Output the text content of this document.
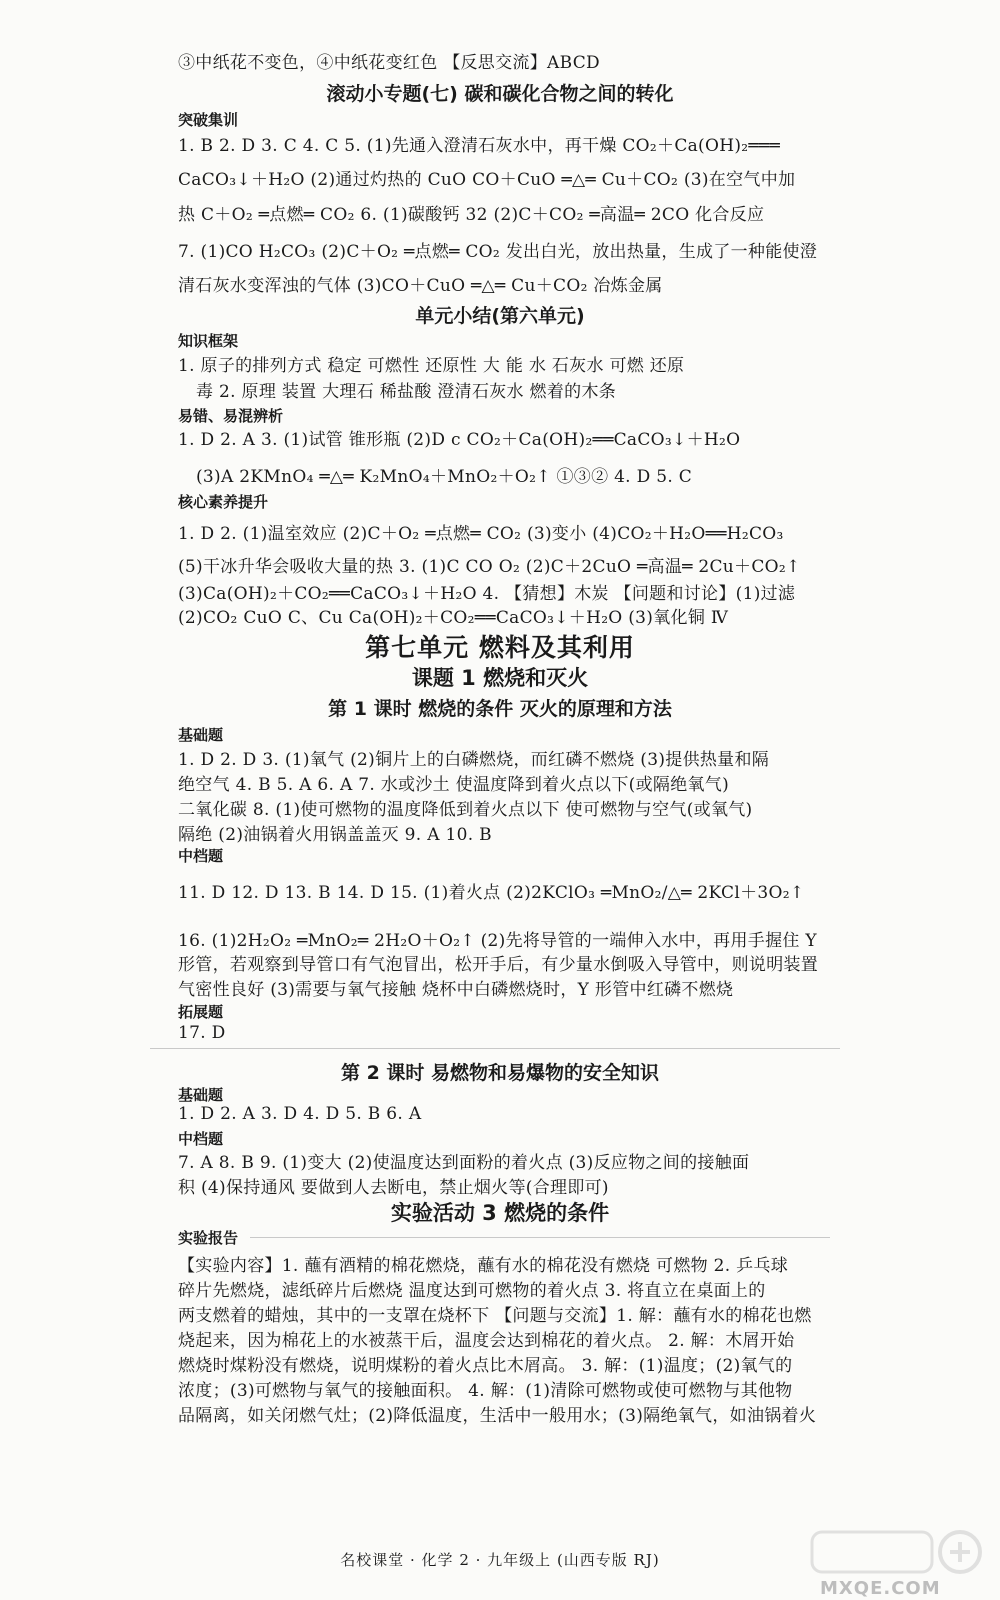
③中纸花不变色，④中纸花变红色 【反思交流】ABCD
滚动小专题(七) 碳和碳化合物之间的转化
突破集训
1. B 2. D 3. C 4. C 5. (1)先通入澄清石灰水中，再干燥 CO₂＋Ca(OH)₂═══
CaCO₃↓＋H₂O (2)通过灼热的 CuO CO＋CuO ═△═ Cu＋CO₂ (3)在空气中加
热 C＋O₂ ═点燃═ CO₂ 6. (1)碳酸钙 32 (2)C＋CO₂ ═高温═ 2CO 化合反应
7. (1)CO H₂CO₃ (2)C＋O₂ ═点燃═ CO₂ 发出白光，放出热量，生成了一种能使澄
清石灰水变浑浊的气体 (3)CO＋CuO ═△═ Cu＋CO₂ 冶炼金属
单元小结(第六单元)
知识框架
1. 原子的排列方式 稳定 可燃性 还原性 大 能 水 石灰水 可燃 还原
毒 2. 原理 装置 大理石 稀盐酸 澄清石灰水 燃着的木条
易错、易混辨析
1. D 2. A 3. (1)试管 锥形瓶 (2)D c CO₂＋Ca(OH)₂══CaCO₃↓＋H₂O
(3)A 2KMnO₄ ═△═ K₂MnO₄＋MnO₂＋O₂↑ ①③② 4. D 5. C
核心素养提升
1. D 2. (1)温室效应 (2)C＋O₂ ═点燃═ CO₂ (3)变小 (4)CO₂＋H₂O══H₂CO₃
(5)干冰升华会吸收大量的热 3. (1)C CO O₂ (2)C＋2CuO ═高温═ 2Cu＋CO₂↑
(3)Ca(OH)₂＋CO₂══CaCO₃↓＋H₂O 4. 【猜想】木炭 【问题和讨论】(1)过滤
(2)CO₂ CuO C、Cu Ca(OH)₂＋CO₂══CaCO₃↓＋H₂O (3)氧化铜 Ⅳ
第七单元 燃料及其利用
课题 1 燃烧和灭火
第 1 课时 燃烧的条件 灭火的原理和方法
基础题
1. D 2. D 3. (1)氧气 (2)铜片上的白磷燃烧，而红磷不燃烧 (3)提供热量和隔
绝空气 4. B 5. A 6. A 7. 水或沙土 使温度降到着火点以下(或隔绝氧气)
二氧化碳 8. (1)使可燃物的温度降低到着火点以下 使可燃物与空气(或氧气)
隔绝 (2)油锅着火用锅盖盖灭 9. A 10. B
中档题
11. D 12. D 13. B 14. D 15. (1)着火点 (2)2KClO₃ ═MnO₂/△═ 2KCl＋3O₂↑
16. (1)2H₂O₂ ═MnO₂═ 2H₂O＋O₂↑ (2)先将导管的一端伸入水中，再用手握住 Y
形管，若观察到导管口有气泡冒出，松开手后，有少量水倒吸入导管中，则说明装置
气密性良好 (3)需要与氧气接触 烧杯中白磷燃烧时，Y 形管中红磷不燃烧
拓展题
17. D
第 2 课时 易燃物和易爆物的安全知识
基础题
1. D 2. A 3. D 4. D 5. B 6. A
中档题
7. A 8. B 9. (1)变大 (2)使温度达到面粉的着火点 (3)反应物之间的接触面
积 (4)保持通风 要做到人去断电，禁止烟火等(合理即可)
实验活动 3 燃烧的条件
实验报告
【实验内容】1. 蘸有酒精的棉花燃烧，蘸有水的棉花没有燃烧 可燃物 2. 乒乓球
碎片先燃烧，滤纸碎片后燃烧 温度达到可燃物的着火点 3. 将直立在桌面上的
两支燃着的蜡烛，其中的一支罩在烧杯下 【问题与交流】1. 解：蘸有水的棉花也燃
烧起来，因为棉花上的水被蒸干后，温度会达到棉花的着火点。 2. 解：木屑开始
燃烧时煤粉没有燃烧，说明煤粉的着火点比木屑高。 3. 解：(1)温度；(2)氧气的
浓度；(3)可燃物与氧气的接触面积。 4. 解：(1)清除可燃物或使可燃物与其他物
品隔离，如关闭燃气灶；(2)降低温度，生活中一般用水；(3)隔绝氧气，如油锅着火
名校课堂 · 化学 2 · 九年级上 (山西专版 RJ)
MXQE.COM
